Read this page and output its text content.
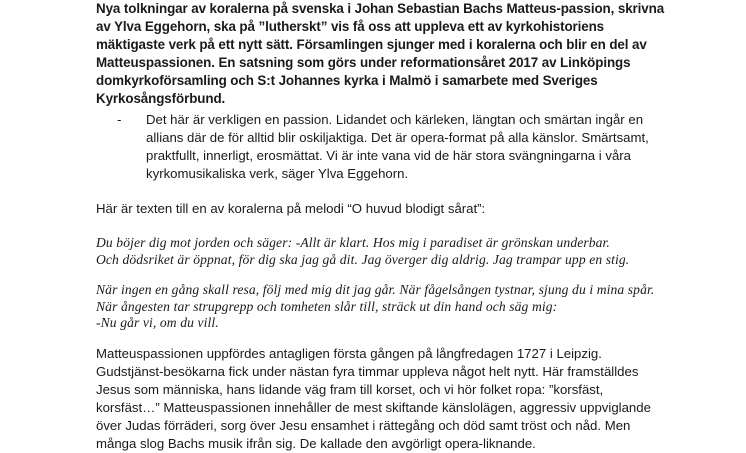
Nya tolkningar av koralerna på svenska i Johan Sebastian Bachs Matteus-passion, skrivna av Ylva Eggehorn, ska på ”lutherskt” vis få oss att uppleva ett av kyrkohistoriens mäktigaste verk på ett nytt sätt. Församlingen sjunger med i koralerna och blir en del av Matteuspassionen. En satsning som görs under reformationsåret 2017 av Linköpings domkyrkoförsamling och S:t Johannes kyrka i Malmö i samarbete med Sveriges Kyrkosångsförbund.

- Det här är verkligen en passion. Lidandet och kärleken, längtan och smärtan ingår en allians där de för alltid blir oskiljaktiga. Det är opera-format på alla känslor. Smärtsamt, praktfullt, innerligt, erosmättat. Vi är inte vana vid de här stora svängningarna i våra kyrkomusikaliska verk, säger Ylva Eggehorn.

Här är texten till en av koralerna på melodi “O huvud blodigt sårat”:

Du böjer dig mot jorden och säger: -Allt är klart. Hos mig i paradiset är grönskan underbar.
Och dödsriket är öppnat, för dig ska jag gå dit. Jag överger dig aldrig. Jag trampar upp en stig.
När ingen en gång skall resa, följ med mig dit jag går. När fågelsången tystnar, sjung du i mina spår.
När ångesten tar strupgrepp och tomheten slår till, sträck ut din hand och säg mig:
-Nu går vi, om du vill.

Matteuspassionen uppfördes antagligen första gången på långfredagen 1727 i Leipzig. Gudstjänst-besökarna fick under nästan fyra timmar uppleva något helt nytt. Här framställdes Jesus som människa, hans lidande väg fram till korset, och vi hör folket ropa: ”korsfäst, korsfäst…” Matteuspassionen innehåller de mest skiftande känslolägen, aggressiv uppviglande över Judas förräderi, sorg över Jesu ensamhet i rättegång och död samt tröst och nåd. Men många slog Bachs musik ifrån sig. De kallade den avgörligt opera-liknande.
